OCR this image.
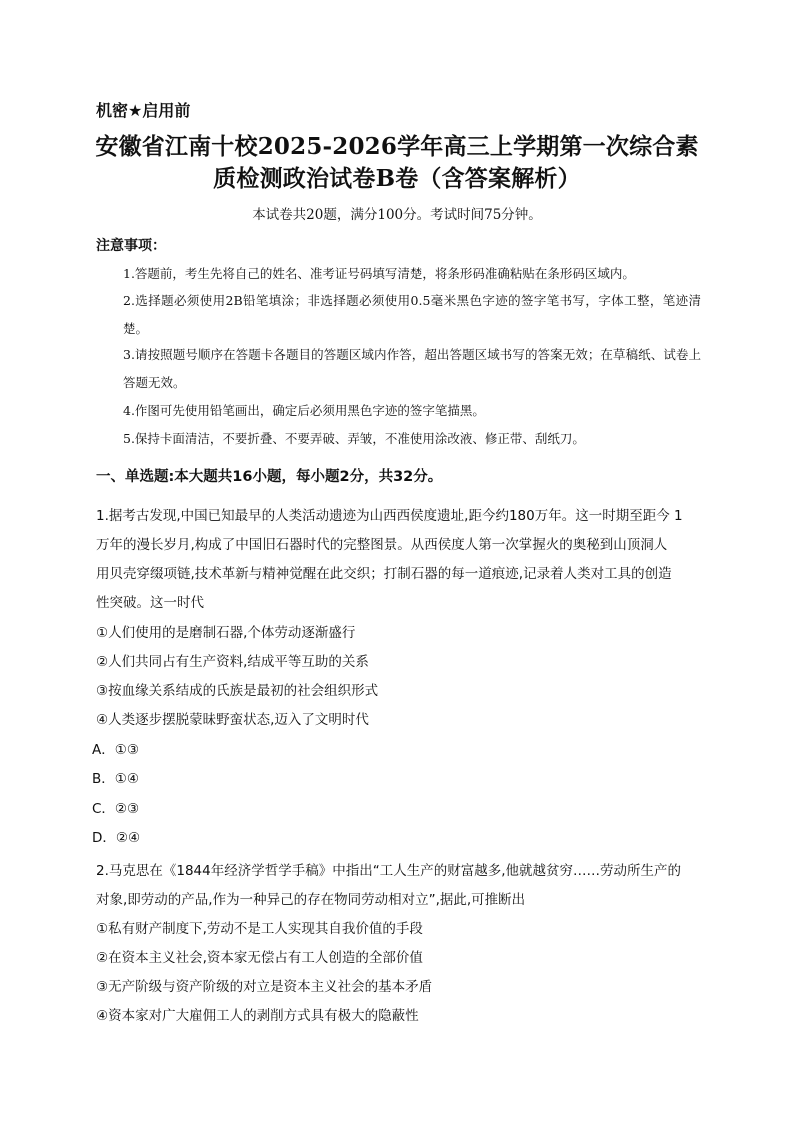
机密★启用前
安徽省江南十校2025-2026学年高三上学期第一次综合素
质检测政治试卷B卷（含答案解析）
本试卷共20题，满分100分。考试时间75分钟。
注意事项：
1.答题前，考生先将自己的姓名、准考证号码填写清楚，将条形码准确粘贴在条形码区域内。
2.选择题必须使用2B铅笔填涂；非选择题必须使用0.5毫米黑色字迹的签字笔书写，字体工整，笔迹清楚。
3.请按照题号顺序在答题卡各题目的答题区域内作答，超出答题区域书写的答案无效；在草稿纸、试卷上答题无效。
4.作图可先使用铅笔画出，确定后必须用黑色字迹的签字笔描黑。
5.保持卡面清洁，不要折叠、不要弄破、弄皱，不准使用涂改液、修正带、刮纸刀。
一、单选题:本大题共16小题，每小题2分，共32分。
1.据考古发现,中国已知最早的人类活动遗迹为山西西侯度遗址,距今约180万年。这一时期至距今 1
万年的漫长岁月,构成了中国旧石器时代的完整图景。从西侯度人第一次掌握火的奥秘到山顶洞人
用贝壳穿缀项链,技术革新与精神觉醒在此交织；打制石器的每一道痕迹,记录着人类对工具的创造
性突破。这一时代
①人们使用的是磨制石器,个体劳动逐渐盛行
②人们共同占有生产资料,结成平等互助的关系
③按血缘关系结成的氏族是最初的社会组织形式
④人类逐步摆脱蒙昧野蛮状态,迈入了文明时代
A．①③
B．①④
C．②③
D．②④
2.马克思在《1844年经济学哲学手稿》中指出“工人生产的财富越多,他就越贫穷……劳动所生产的
对象,即劳动的产品,作为一种异己的存在物同劳动相对立”,据此,可推断出
①私有财产制度下,劳动不是工人实现其自我价值的手段
②在资本主义社会,资本家无偿占有工人创造的全部价值
③无产阶级与资产阶级的对立是资本主义社会的基本矛盾
④资本家对广大雇佣工人的剥削方式具有极大的隐蔽性
